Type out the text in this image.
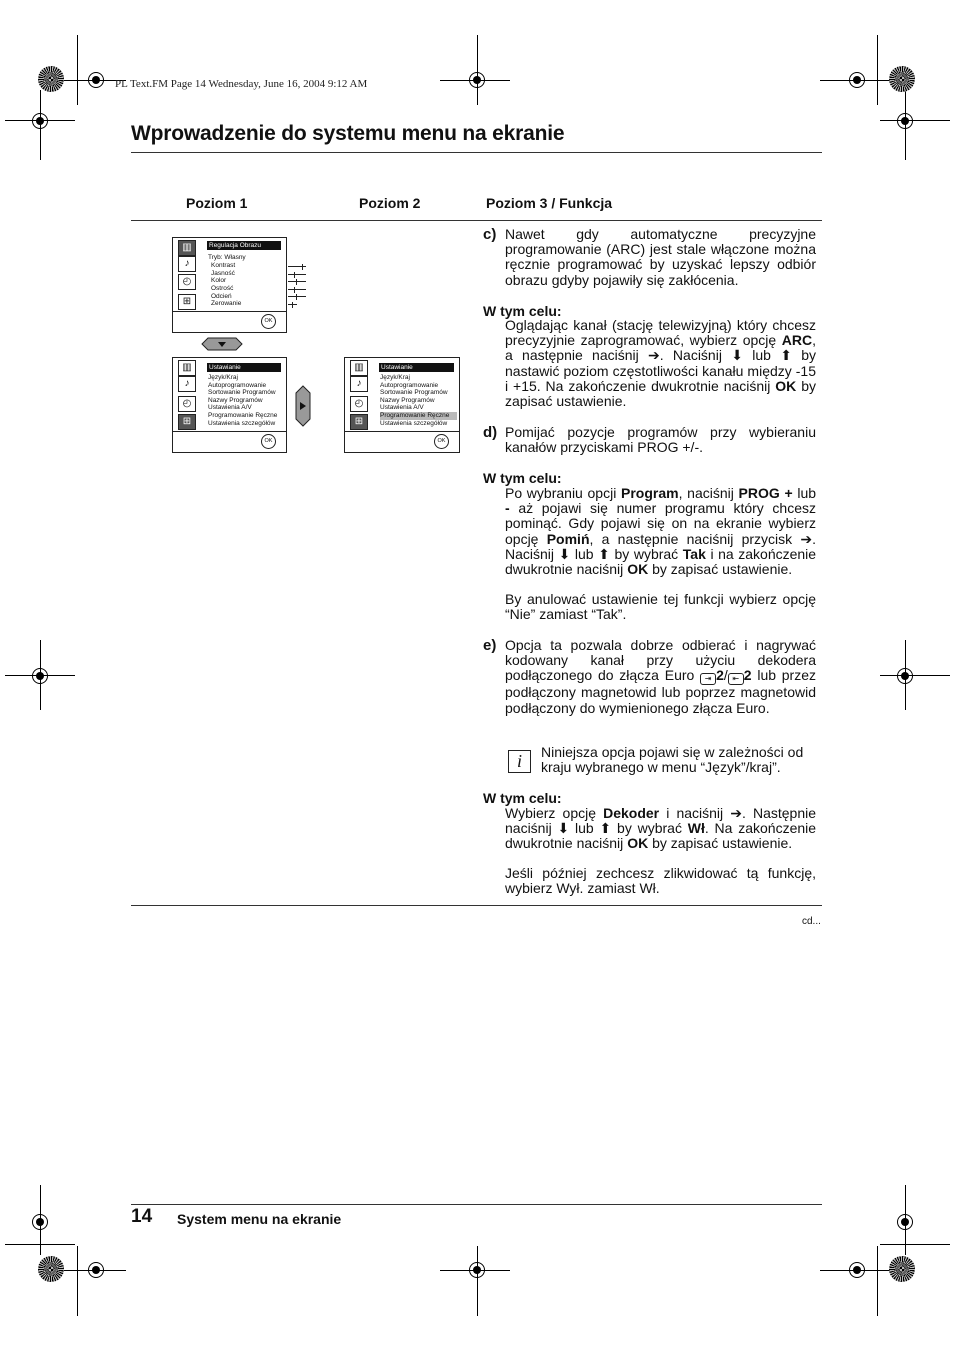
PL Text.FM Page 14 Wednesday, June 16, 2004 9:12 AM
Wprowadzenie do systemu menu na ekranie
Poziom 1	Poziom 2	Poziom 3 / Funkcja
▥
♪
◴
⊞
Regulacja Obrazu
Tryb: Własny
Kontrast
Jasność
Kolor
Ostrość
Odcień
Zerowanie
OK
▥
♪
◴
⊞
Ustawianie
Język/Kraj
Autoprogramowanie
Sortowanie Programów
Nazwy Programów
Ustawienia A/V
Programowanie Ręczne
Ustawienia szczegółów
OK
▥
♪
◴
⊞
Ustawianie
Język/Kraj
Autoprogramowanie
Sortowanie Programów
Nazwy Programów
Ustawienia A/V
Programowanie Ręczne
Ustawienia szczegółów
OK
c) Nawet gdy automatyczne precyzyjne programowanie (ARC) jest stale włączone można ręcznie programować by uzyskać lepszy odbiór obrazu gdyby pojawiły się zakłócenia.
W tym celu:
Oglądając kanał (stację telewizyjną) który chcesz precyzyjnie zaprogramować, wybierz opcję ARC, a następnie naciśnij ➔. Naciśnij ⬇ lub ⬆ by nastawić poziom częstotliwości kanału między -15 i +15. Na zakończenie dwukrotnie naciśnij OK by zapisać ustawienie.
d) Pomijać pozycje programów przy wybieraniu kanałów przyciskami PROG +/-.
W tym celu:
Po wybraniu opcji Program, naciśnij PROG + lub - aż pojawi się numer programu który chcesz pominąć. Gdy pojawi się on na ekranie wybierz opcję Pomiń, a następnie naciśnij przycisk ➔. Naciśnij ⬇ lub ⬆ by wybrać Tak i na zakończenie dwukrotnie naciśnij OK by zapisać ustawienie.
By anulować ustawienie tej funkcji wybierz opcję “Nie” zamiast “Tak”.
e) Opcja ta pozwala dobrze odbierać i nagrywać kodowany kanał przy użyciu dekodera podłączonego do złącza Euro ⇥ 2/ ⇤ 2 lub przez podłączony magnetowid lub poprzez magnetowid podłączony do wymienionego złącza Euro.
i	Niniejsza opcja pojawi się w zależności od kraju wybranego w menu “Język”/kraj”.
W tym celu:
Wybierz opcję Dekoder i naciśnij ➔. Następnie naciśnij ⬇ lub ⬆ by wybrać Wł. Na zakończenie dwukrotnie naciśnij OK by zapisać ustawienie.
Jeśli później zechcesz zlikwidować tą funkcję, wybierz Wył. zamiast Wł.
cd...
14 System menu na ekranie
